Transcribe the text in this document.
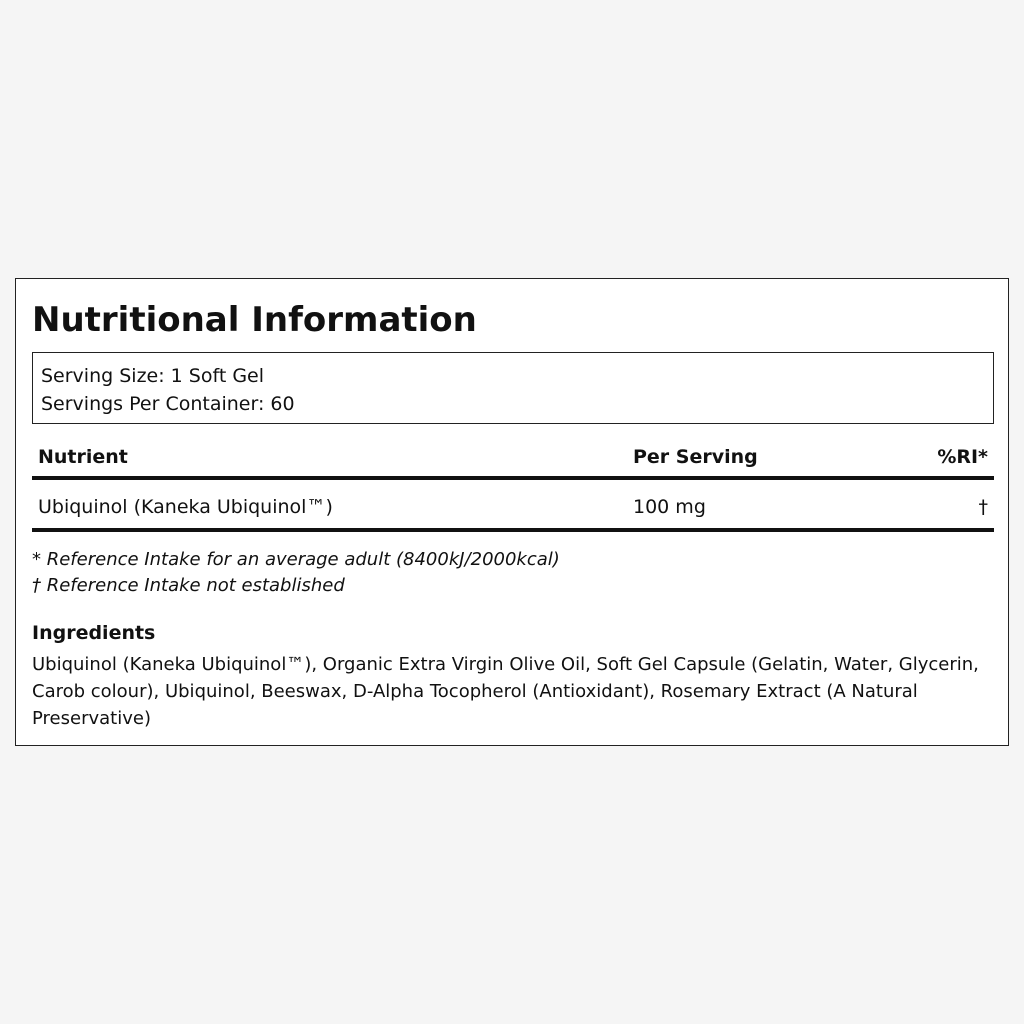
Nutritional Information
Serving Size: 1 Soft Gel
Servings Per Container: 60
Nutrient	Per Serving	%RI*
Ubiquinol (Kaneka Ubiquinol™)	100 mg	†
* Reference Intake for an average adult (8400kJ/2000kcal)
† Reference Intake not established
Ingredients
Ubiquinol (Kaneka Ubiquinol™), Organic Extra Virgin Olive Oil, Soft Gel Capsule (Gelatin, Water, Glycerin,
Carob colour), Ubiquinol, Beeswax, D-Alpha Tocopherol (Antioxidant), Rosemary Extract (A Natural
Preservative)
